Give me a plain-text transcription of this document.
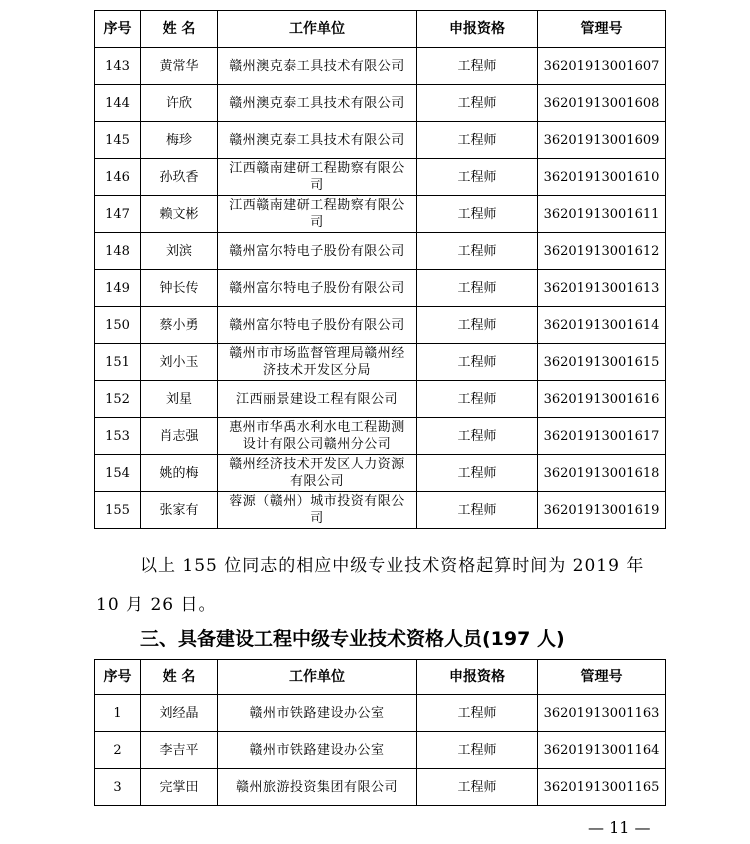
序号	姓 名	工作单位	申报资格	管理号
143	黄常华	赣州澳克泰工具技术有限公司	工程师	36201913001607
144	许欣	赣州澳克泰工具技术有限公司	工程师	36201913001608
145	梅珍	赣州澳克泰工具技术有限公司	工程师	36201913001609
146	孙玖香	江西赣南建研工程勘察有限公司	工程师	36201913001610
147	赖文彬	江西赣南建研工程勘察有限公司	工程师	36201913001611
148	刘滨	赣州富尔特电子股份有限公司	工程师	36201913001612
149	钟长传	赣州富尔特电子股份有限公司	工程师	36201913001613
150	蔡小勇	赣州富尔特电子股份有限公司	工程师	36201913001614
151	刘小玉	赣州市市场监督管理局赣州经济技术开发区分局	工程师	36201913001615
152	刘星	江西丽景建设工程有限公司	工程师	36201913001616
153	肖志强	惠州市华禹水利水电工程勘测设计有限公司赣州分公司	工程师	36201913001617
154	姚的梅	赣州经济技术开发区人力资源有限公司	工程师	36201913001618
155	张家有	蓉源（赣州）城市投资有限公司	工程师	36201913001619
以上 155 位同志的相应中级专业技术资格起算时间为 2019 年
10 月 26 日。
三、具备建设工程中级专业技术资格人员(197 人)
序号	姓 名	工作单位	申报资格	管理号
1	刘经晶	赣州市铁路建设办公室	工程师	36201913001163
2	李吉平	赣州市铁路建设办公室	工程师	36201913001164
3	完掌田	赣州旅游投资集团有限公司	工程师	36201913001165
— 11 —
